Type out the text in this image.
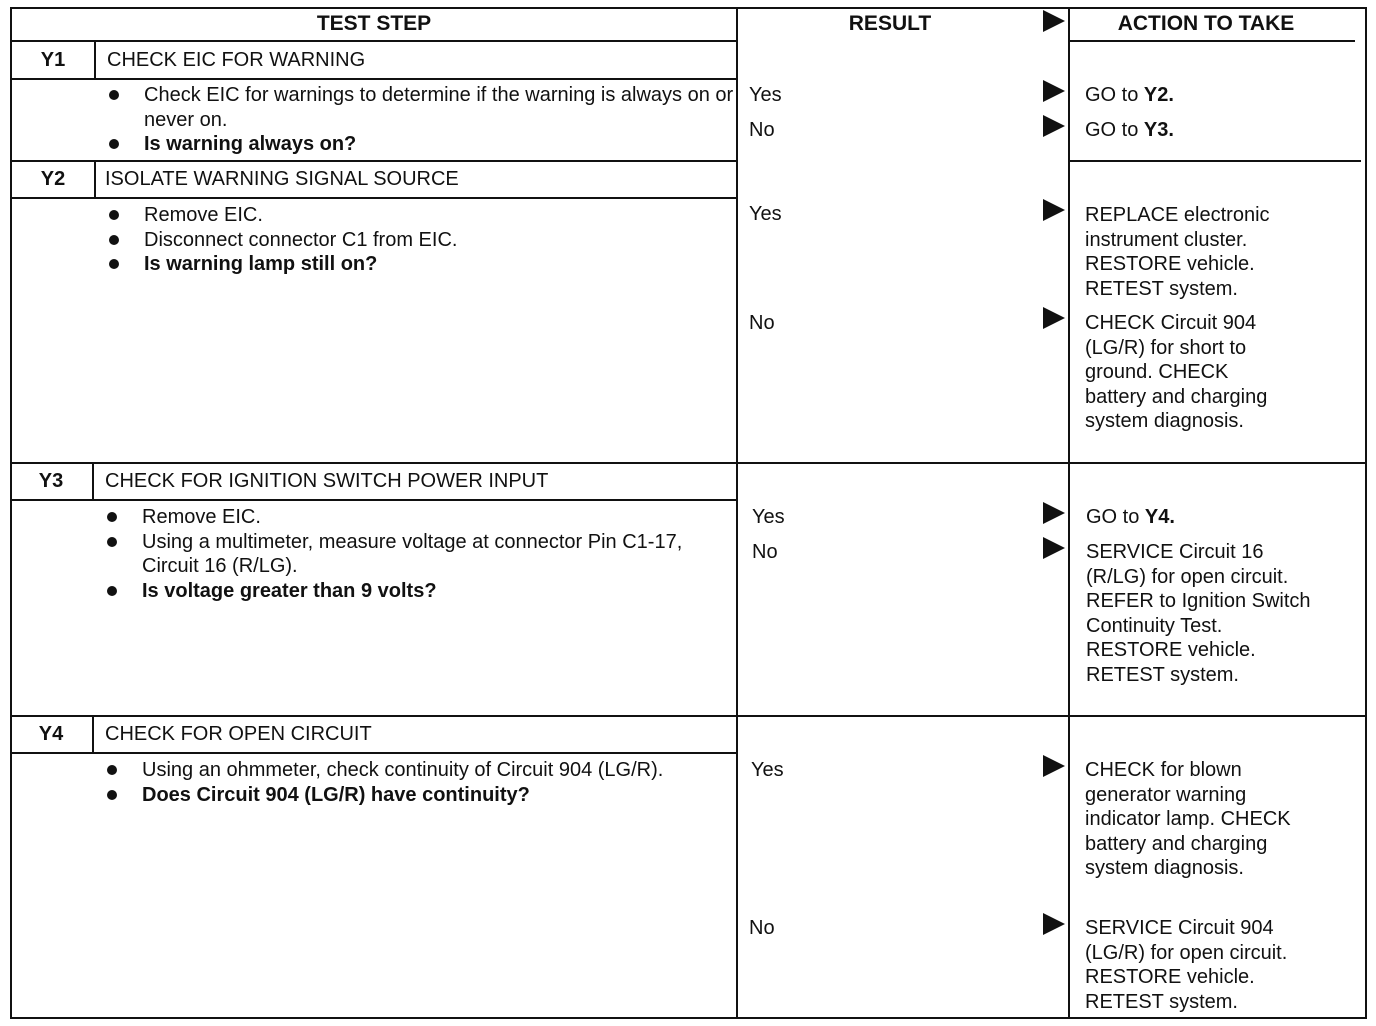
TEST STEP	RESULT	ACTION TO TAKE
Y1	CHECK EIC FOR WARNING
Check EIC for warnings to determine if the warning is always on or never on.
Is warning always on?
Yes	GO to Y2.
No	GO to Y3.
Y2	ISOLATE WARNING SIGNAL SOURCE
Remove EIC.
Disconnect connector C1 from EIC.
Is warning lamp still on?
Yes	REPLACE electronic
instrument cluster.
RESTORE vehicle.
RETEST system.
No	CHECK Circuit 904
(LG/R) for short to
ground. CHECK
battery and charging
system diagnosis.
Y3	CHECK FOR IGNITION SWITCH POWER INPUT
Remove EIC.
Using a multimeter, measure voltage at connector Pin C1-17, Circuit 16 (R/LG).
Is voltage greater than 9 volts?
Yes	GO to Y4.
No	SERVICE Circuit 16
(R/LG) for open circuit.
REFER to Ignition Switch
Continuity Test.
RESTORE vehicle.
RETEST system.
Y4	CHECK FOR OPEN CIRCUIT
Using an ohmmeter, check continuity of Circuit 904 (LG/R).
Does Circuit 904 (LG/R) have continuity?
Yes	CHECK for blown
generator warning
indicator lamp. CHECK
battery and charging
system diagnosis.
No	SERVICE Circuit 904
(LG/R) for open circuit.
RESTORE vehicle.
RETEST system.
